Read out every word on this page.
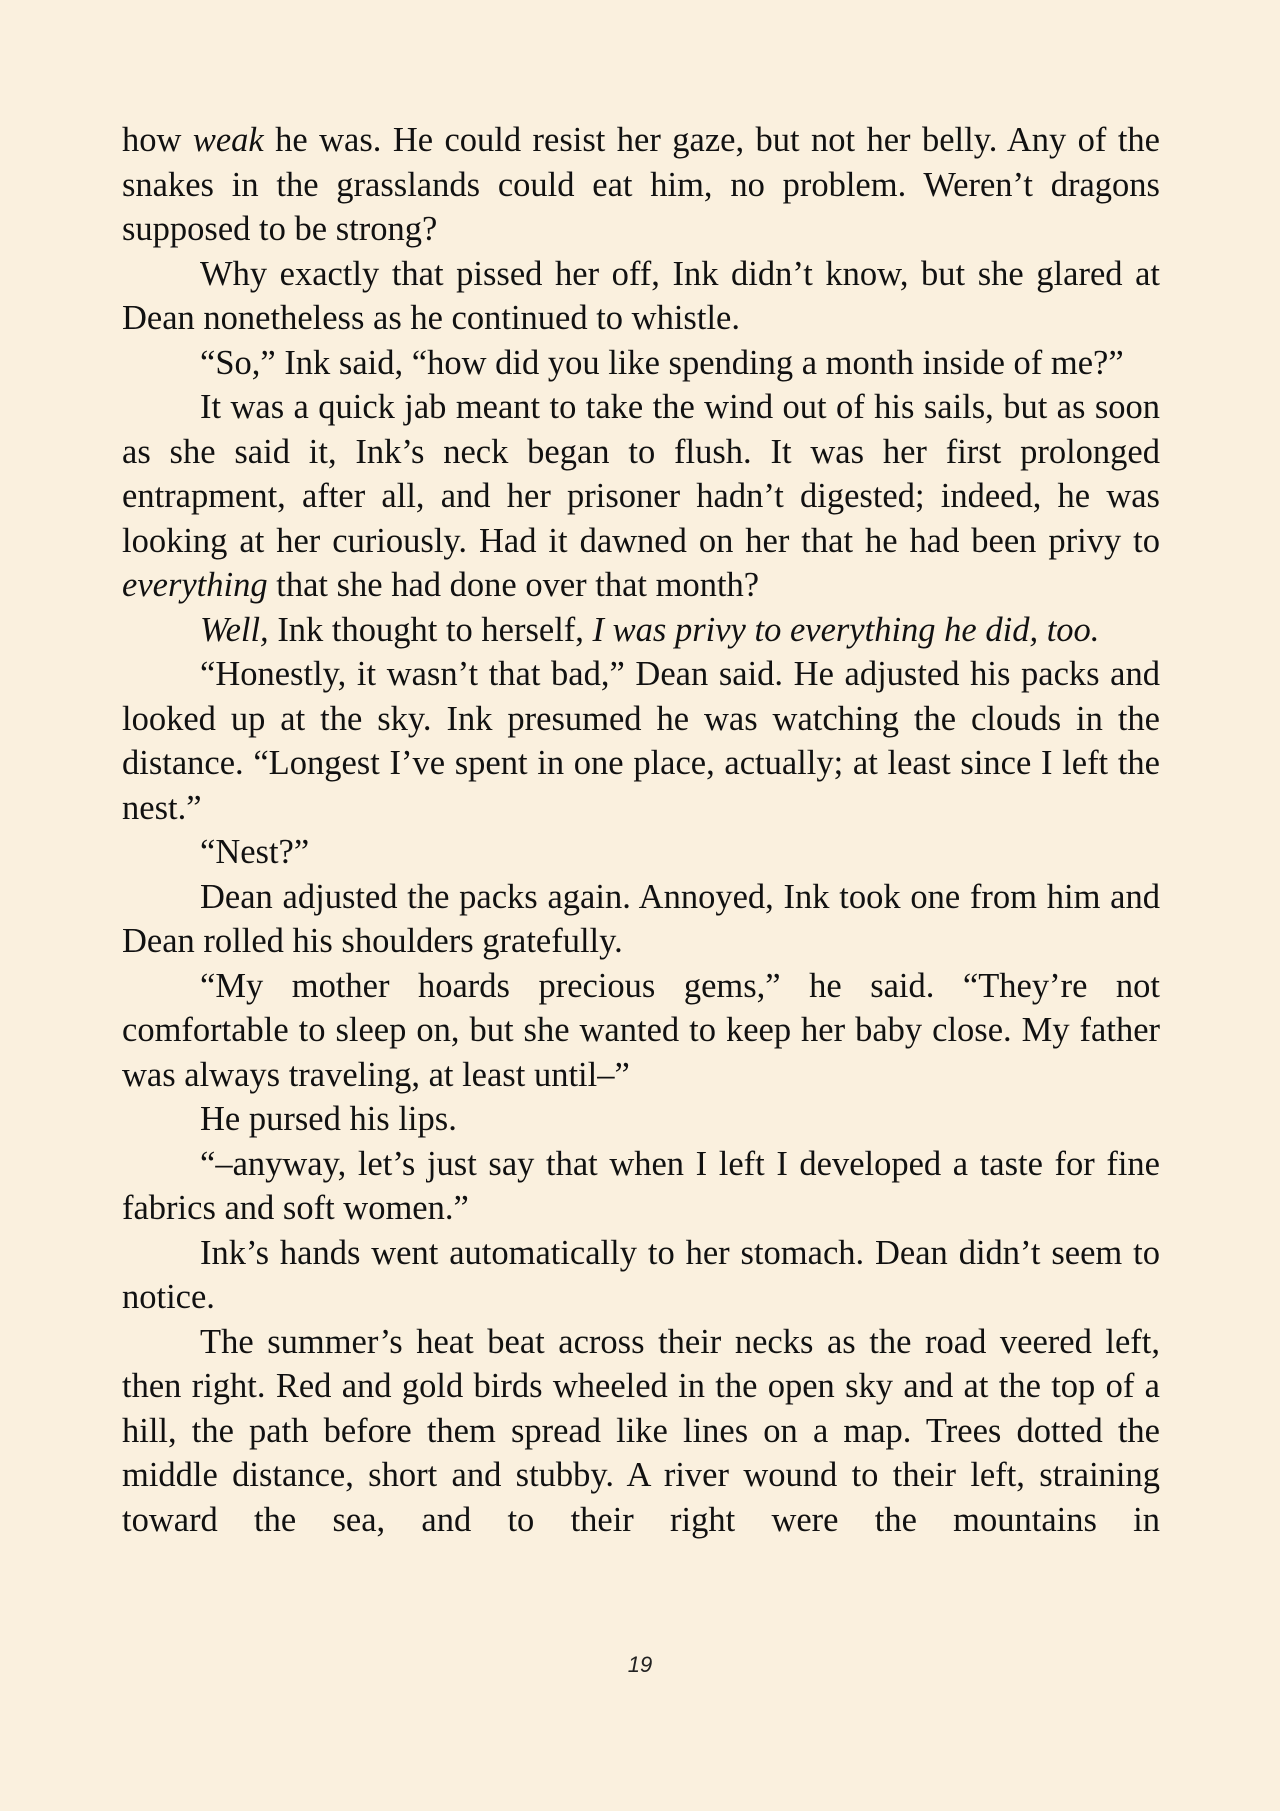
how weak he was. He could resist her gaze, but not her belly. Any of the snakes in the grasslands could eat him, no problem. Weren’t dragons supposed to be strong?

Why exactly that pissed her off, Ink didn’t know, but she glared at Dean nonetheless as he continued to whistle.

“So,” Ink said, “how did you like spending a month inside of me?”

It was a quick jab meant to take the wind out of his sails, but as soon as she said it, Ink’s neck began to flush. It was her first prolonged entrapment, after all, and her prisoner hadn’t digested; indeed, he was looking at her curiously. Had it dawned on her that he had been privy to everything that she had done over that month?

Well, Ink thought to herself, I was privy to everything he did, too.

“Honestly, it wasn’t that bad,” Dean said. He adjusted his packs and looked up at the sky. Ink presumed he was watching the clouds in the distance. “Longest I’ve spent in one place, actually; at least since I left the nest.”

“Nest?”

Dean adjusted the packs again. Annoyed, Ink took one from him and Dean rolled his shoulders gratefully.

“My mother hoards precious gems,” he said. “They’re not comfortable to sleep on, but she wanted to keep her baby close. My father was always traveling, at least until–”

He pursed his lips.

“–anyway, let’s just say that when I left I developed a taste for fine fabrics and soft women.”

Ink’s hands went automatically to her stomach. Dean didn’t seem to notice.

The summer’s heat beat across their necks as the road veered left, then right. Red and gold birds wheeled in the open sky and at the top of a hill, the path before them spread like lines on a map. Trees dotted the middle distance, short and stubby. A river wound to their left, straining toward the sea, and to their right were the mountains in

19
